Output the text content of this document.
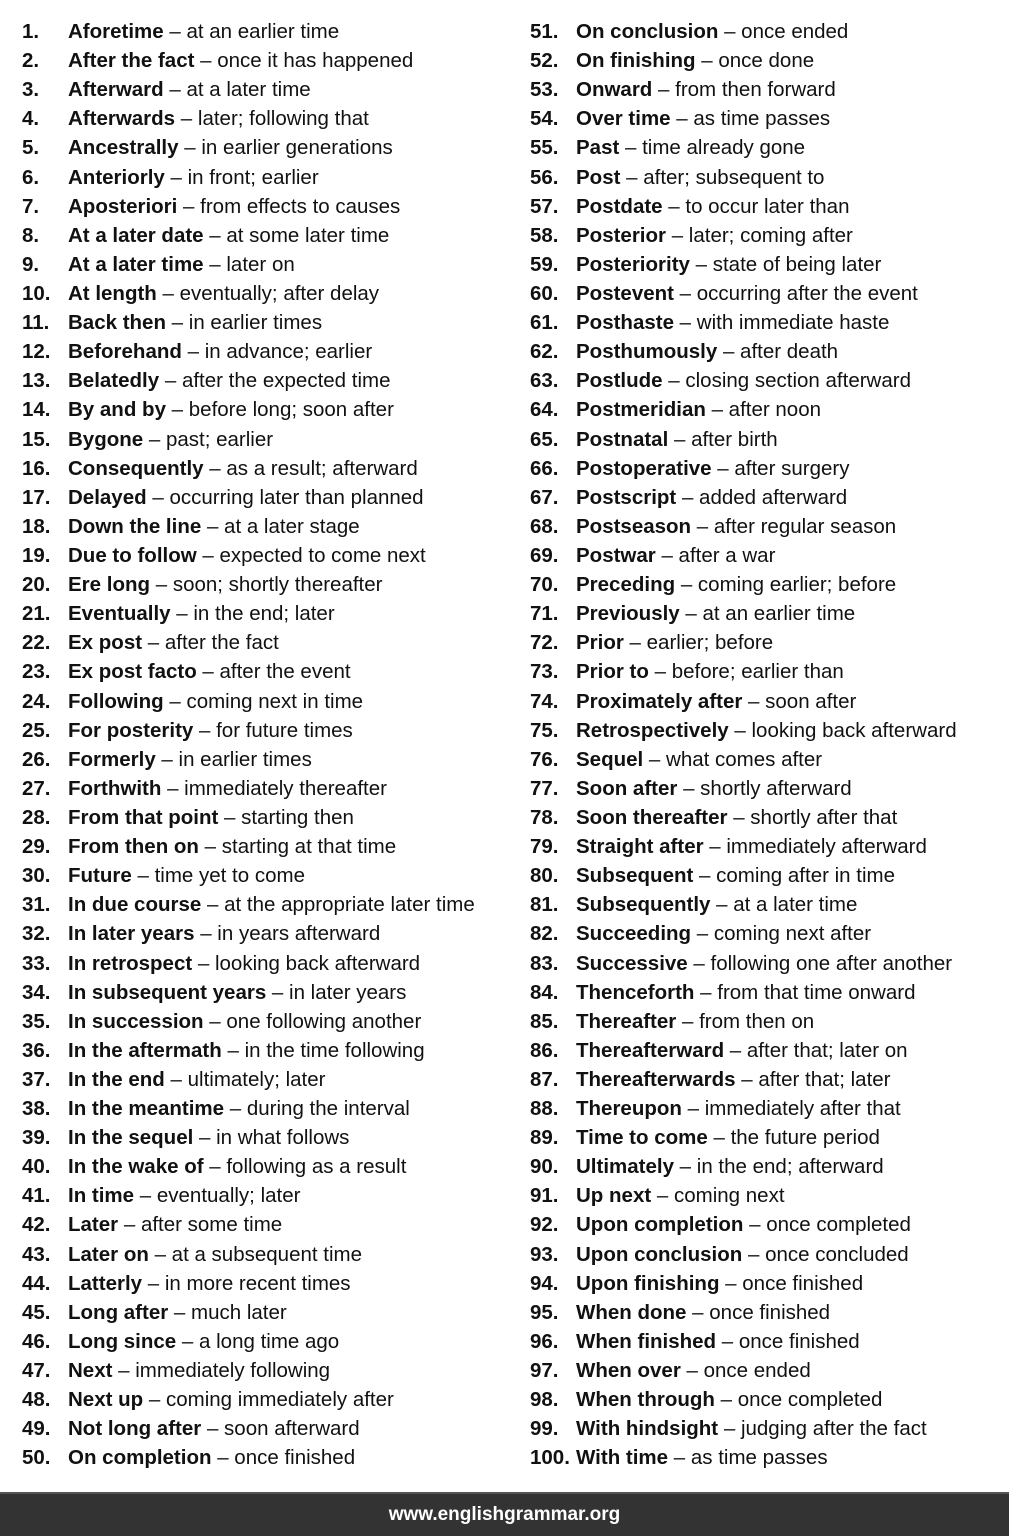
1. Aforetime – at an earlier time
2. After the fact – once it has happened
3. Afterward – at a later time
4. Afterwards – later; following that
5. Ancestrally – in earlier generations
6. Anteriorly – in front; earlier
7. Aposteriori – from effects to causes
8. At a later date – at some later time
9. At a later time – later on
10. At length – eventually; after delay
11. Back then – in earlier times
12. Beforehand – in advance; earlier
13. Belatedly – after the expected time
14. By and by – before long; soon after
15. Bygone – past; earlier
16. Consequently – as a result; afterward
17. Delayed – occurring later than planned
18. Down the line – at a later stage
19. Due to follow – expected to come next
20. Ere long – soon; shortly thereafter
21. Eventually – in the end; later
22. Ex post – after the fact
23. Ex post facto – after the event
24. Following – coming next in time
25. For posterity – for future times
26. Formerly – in earlier times
27. Forthwith – immediately thereafter
28. From that point – starting then
29. From then on – starting at that time
30. Future – time yet to come
31. In due course – at the appropriate later time
32. In later years – in years afterward
33. In retrospect – looking back afterward
34. In subsequent years – in later years
35. In succession – one following another
36. In the aftermath – in the time following
37. In the end – ultimately; later
38. In the meantime – during the interval
39. In the sequel – in what follows
40. In the wake of – following as a result
41. In time – eventually; later
42. Later – after some time
43. Later on – at a subsequent time
44. Latterly – in more recent times
45. Long after – much later
46. Long since – a long time ago
47. Next – immediately following
48. Next up – coming immediately after
49. Not long after – soon afterward
50. On completion – once finished
51. On conclusion – once ended
52. On finishing – once done
53. Onward – from then forward
54. Over time – as time passes
55. Past – time already gone
56. Post – after; subsequent to
57. Postdate – to occur later than
58. Posterior – later; coming after
59. Posteriority – state of being later
60. Postevent – occurring after the event
61. Posthaste – with immediate haste
62. Posthumously – after death
63. Postlude – closing section afterward
64. Postmeridian – after noon
65. Postnatal – after birth
66. Postoperative – after surgery
67. Postscript – added afterward
68. Postseason – after regular season
69. Postwar – after a war
70. Preceding – coming earlier; before
71. Previously – at an earlier time
72. Prior – earlier; before
73. Prior to – before; earlier than
74. Proximately after – soon after
75. Retrospectively – looking back afterward
76. Sequel – what comes after
77. Soon after – shortly afterward
78. Soon thereafter – shortly after that
79. Straight after – immediately afterward
80. Subsequent – coming after in time
81. Subsequently – at a later time
82. Succeeding – coming next after
83. Successive – following one after another
84. Thenceforth – from that time onward
85. Thereafter – from then on
86. Thereafterward – after that; later on
87. Thereafterwards – after that; later
88. Thereupon – immediately after that
89. Time to come – the future period
90. Ultimately – in the end; afterward
91. Up next – coming next
92. Upon completion – once completed
93. Upon conclusion – once concluded
94. Upon finishing – once finished
95. When done – once finished
96. When finished – once finished
97. When over – once ended
98. When through – once completed
99. With hindsight – judging after the fact
100. With time – as time passes
www.englishgrammar.org
